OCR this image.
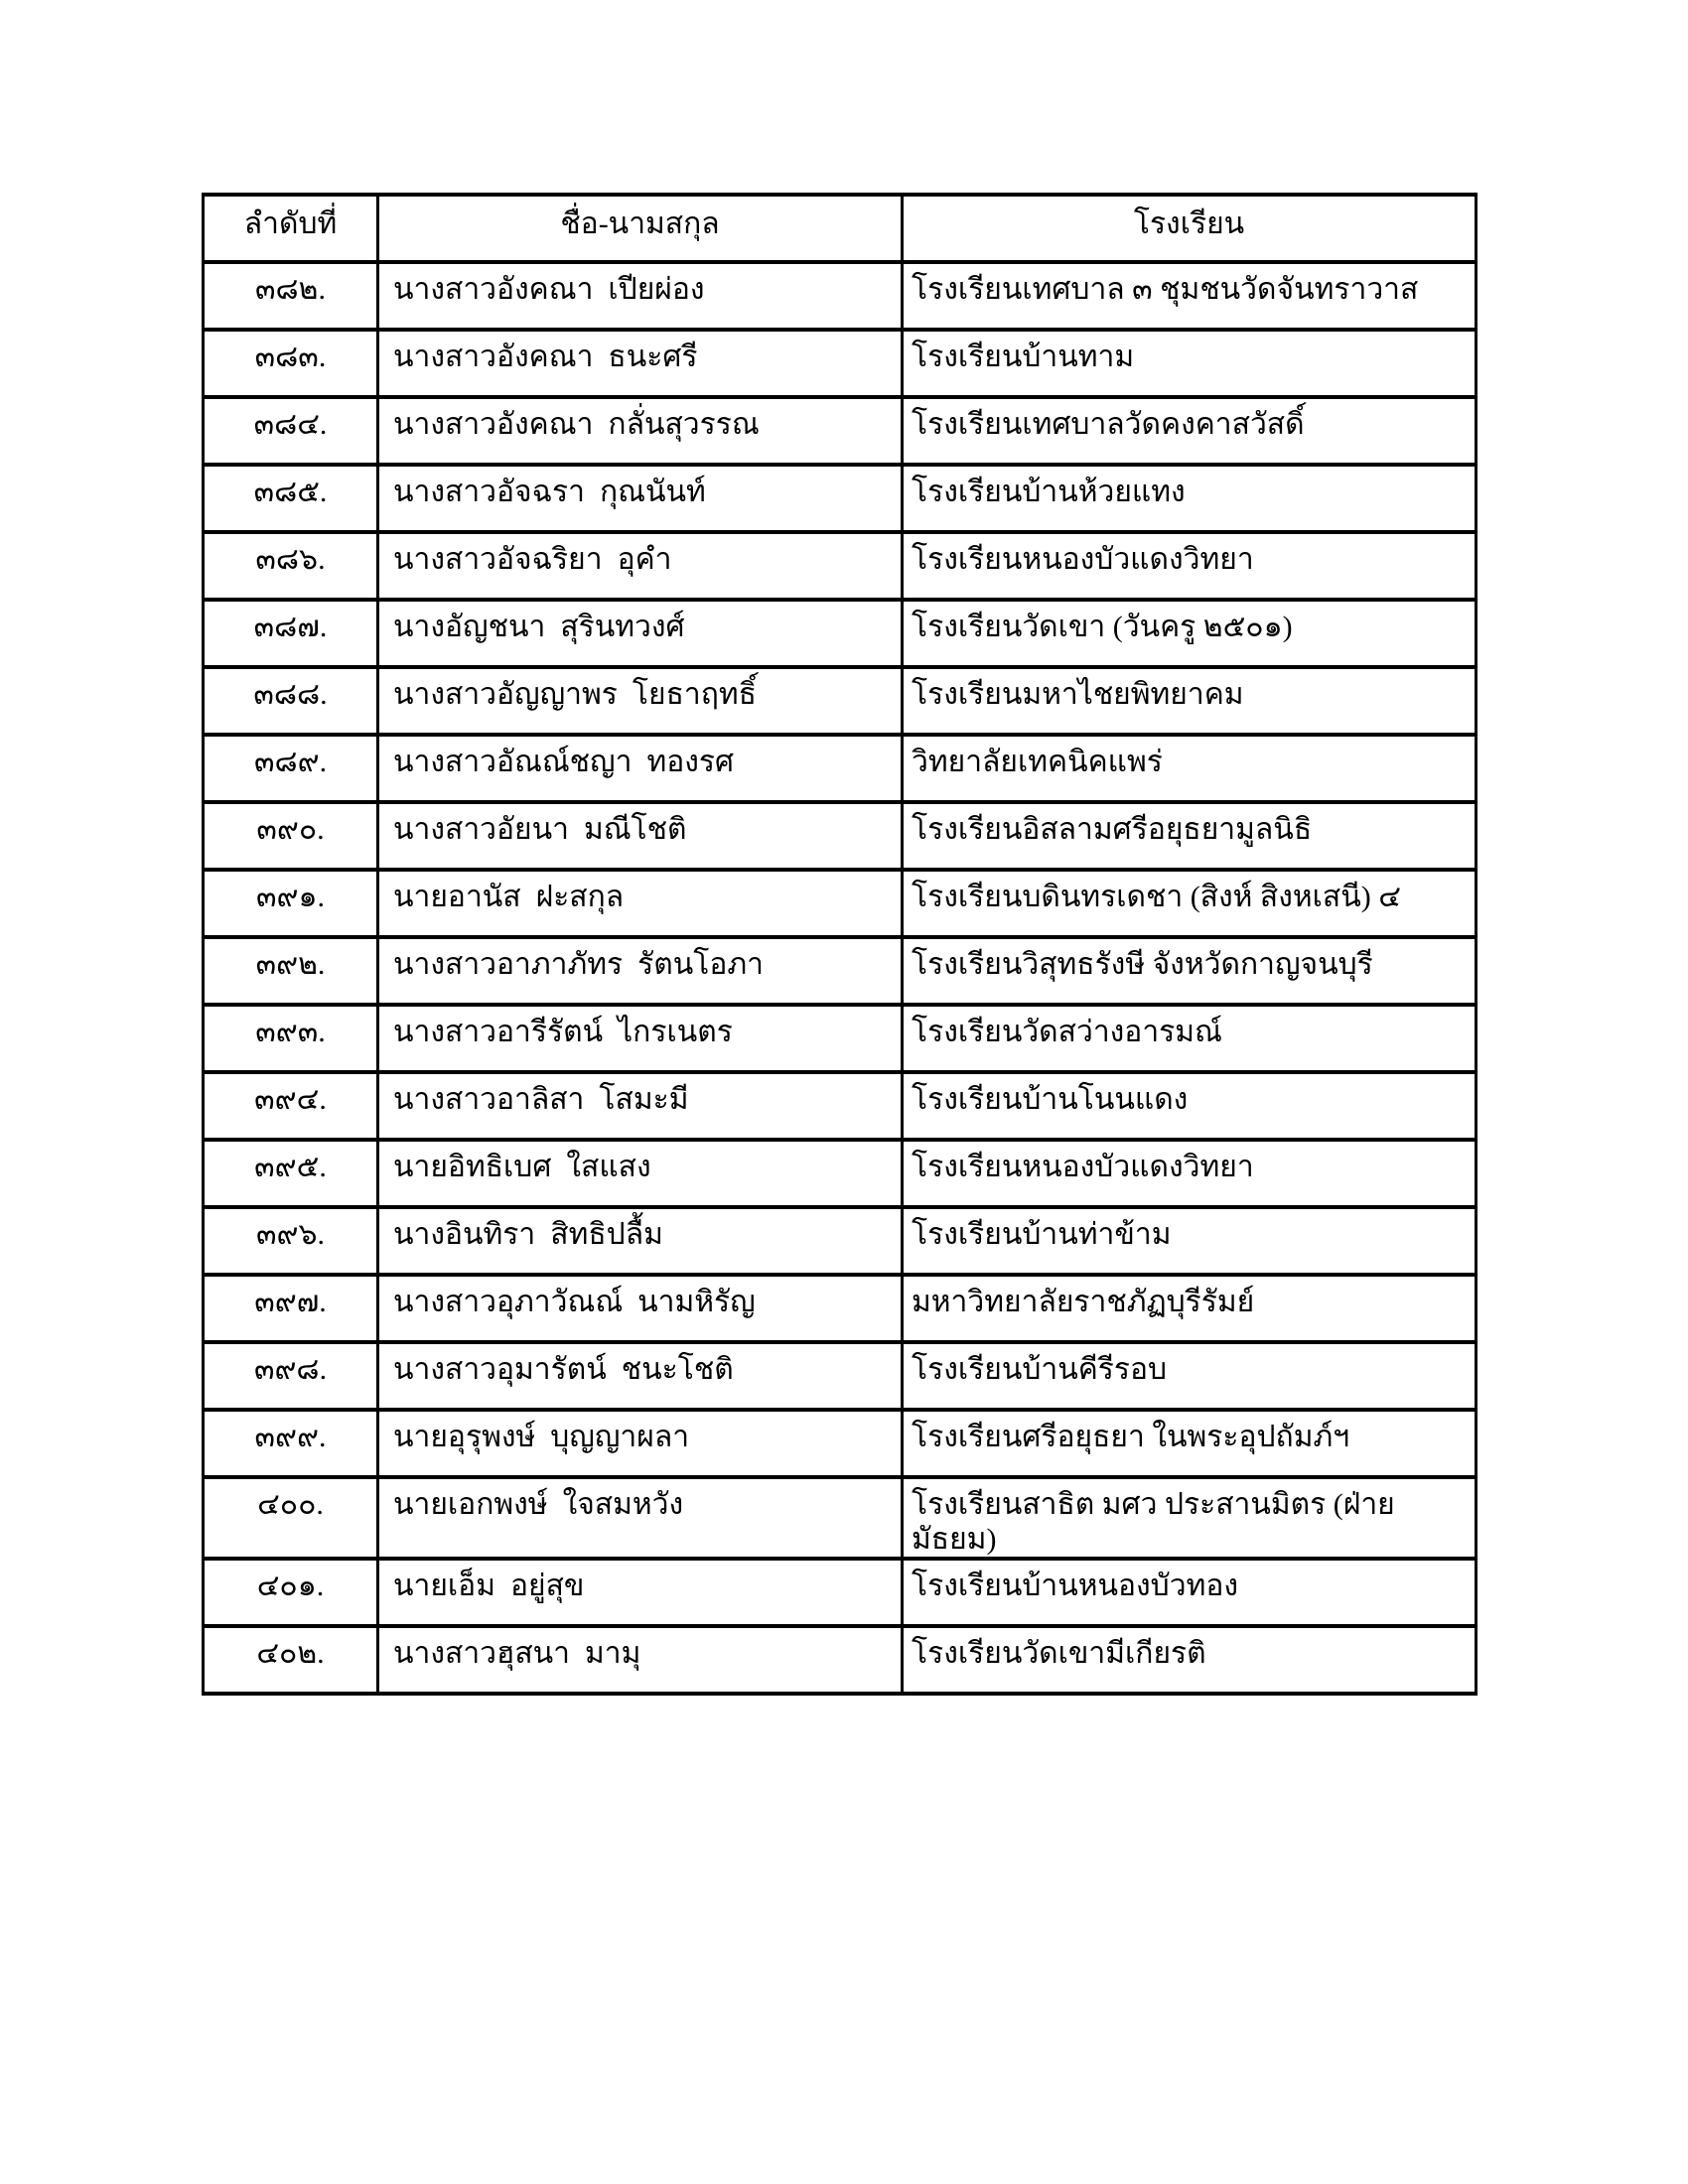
ลำดับที่	ชื่อ-นามสกุล	โรงเรียน
๓๘๒.	นางสาวอังคณา  เปียผ่อง	โรงเรียนเทศบาล ๓ ชุมชนวัดจันทราวาส
๓๘๓.	นางสาวอังคณา  ธนะศรี	โรงเรียนบ้านทาม
๓๘๔.	นางสาวอังคณา  กลั่นสุวรรณ	โรงเรียนเทศบาลวัดคงคาสวัสดิ์
๓๘๕.	นางสาวอัจฉรา  กุณนันท์	โรงเรียนบ้านห้วยแทง
๓๘๖.	นางสาวอัจฉริยา  อุคำ	โรงเรียนหนองบัวแดงวิทยา
๓๘๗.	นางอัญชนา  สุรินทวงศ์	โรงเรียนวัดเขา (วันครู ๒๕๐๑)
๓๘๘.	นางสาวอัญญาพร  โยธาฤทธิ์	โรงเรียนมหาไชยพิทยาคม
๓๘๙.	นางสาวอัณณ์ชญา  ทองรศ	วิทยาลัยเทคนิคแพร่
๓๙๐.	นางสาวอัยนา  มณีโชติ	โรงเรียนอิสลามศรีอยุธยามูลนิธิ
๓๙๑.	นายอานัส  ฝะสกุล	โรงเรียนบดินทรเดชา (สิงห์ สิงหเสนี) ๔
๓๙๒.	นางสาวอาภาภัทร  รัตนโอภา	โรงเรียนวิสุทธรังษี จังหวัดกาญจนบุรี
๓๙๓.	นางสาวอารีรัตน์  ไกรเนตร	โรงเรียนวัดสว่างอารมณ์
๓๙๔.	นางสาวอาลิสา  โสมะมี	โรงเรียนบ้านโนนแดง
๓๙๕.	นายอิทธิเบศ  ใสแสง	โรงเรียนหนองบัวแดงวิทยา
๓๙๖.	นางอินทิรา  สิทธิปลื้ม	โรงเรียนบ้านท่าข้าม
๓๙๗.	นางสาวอุภาวัณณ์  นามหิรัญ	มหาวิทยาลัยราชภัฏบุรีรัมย์
๓๙๘.	นางสาวอุมารัตน์  ชนะโชติ	โรงเรียนบ้านคีรีรอบ
๓๙๙.	นายอุรุพงษ์  บุญญาผลา	โรงเรียนศรีอยุธยา ในพระอุปถัมภ์ฯ
๔๐๐.	นายเอกพงษ์  ใจสมหวัง	โรงเรียนสาธิต มศว ประสานมิตร (ฝ่ายมัธยม)
๔๐๑.	นายเอ็ม  อยู่สุข	โรงเรียนบ้านหนองบัวทอง
๔๐๒.	นางสาวฮุสนา  มามุ	โรงเรียนวัดเขามีเกียรติ
